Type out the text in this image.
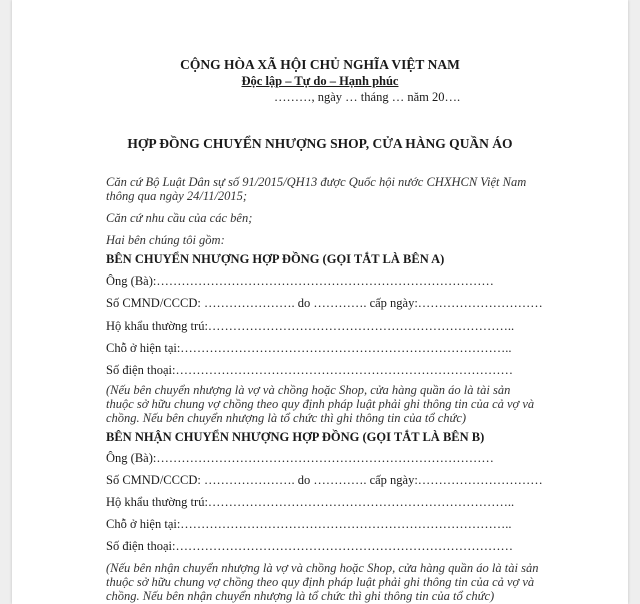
CỘNG HÒA XÃ HỘI CHỦ NGHĨA VIỆT NAM
Độc lập – Tự do – Hạnh phúc
………, ngày … tháng … năm 20….
HỢP ĐỒNG CHUYỂN NHƯỢNG SHOP, CỬA HÀNG QUẦN ÁO
Căn cứ Bộ Luật Dân sự số 91/2015/QH13 được Quốc hội nước CHXHCN Việt Nam
thông qua ngày 24/11/2015;
Căn cứ nhu cầu của các bên;
Hai bên chúng tôi gồm:
BÊN CHUYỂN NHƯỢNG HỢP ĐỒNG (GỌI TẮT LÀ BÊN A)
Ông (Bà):………………………………………………………………………
Số CMND/CCCD: …………………. do …………. cấp ngày:…………………………
Hộ khẩu thường trú:………………………………………………………………..
Chỗ ở hiện tại:……………………………………………………………………..
Số điện thoại:………………………………………………………………………
(Nếu bên chuyển nhượng là vợ và chồng hoặc Shop, cửa hàng quần áo là tài sản
thuộc sở hữu chung vợ chồng theo quy định pháp luật phải ghi thông tin của cả vợ và
chồng. Nếu bên chuyển nhượng là tổ chức thì ghi thông tin của tổ chức)
BÊN NHẬN CHUYỂN NHƯỢNG HỢP ĐỒNG (GỌI TẮT LÀ BÊN B)
Ông (Bà):………………………………………………………………………
Số CMND/CCCD: …………………. do …………. cấp ngày:…………………………
Hộ khẩu thường trú:………………………………………………………………..
Chỗ ở hiện tại:……………………………………………………………………..
Số điện thoại:………………………………………………………………………
(Nếu bên nhận chuyển nhượng là vợ và chồng hoặc Shop, cửa hàng quần áo là tài sản
thuộc sở hữu chung vợ chồng theo quy định pháp luật phải ghi thông tin của cả vợ và
chồng. Nếu bên nhận chuyển nhượng là tổ chức thì ghi thông tin của tổ chức)
